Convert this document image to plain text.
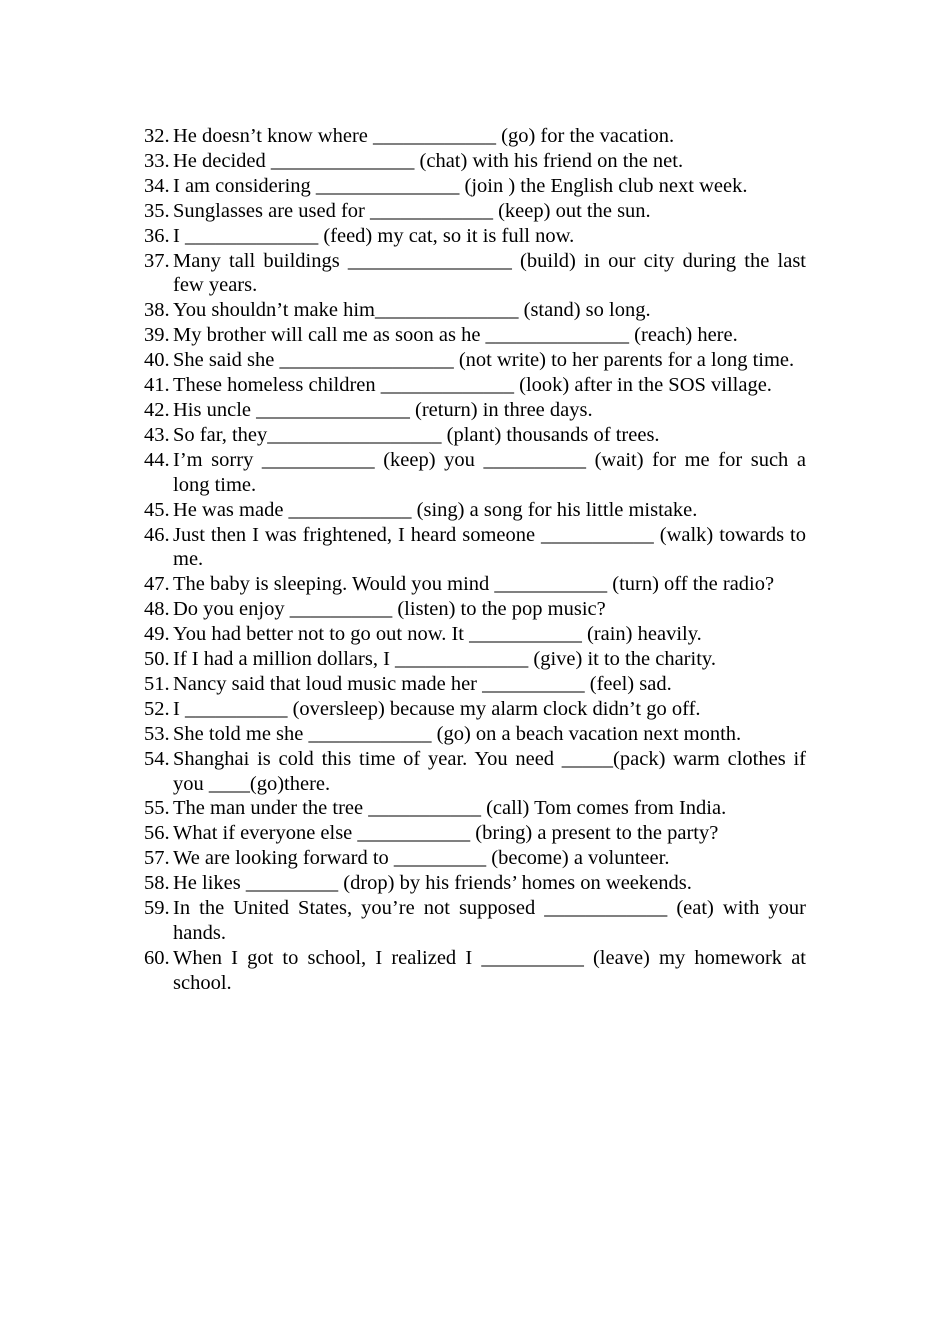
32. He doesn’t know where ____________ (go) for the vacation.
33. He decided ______________ (chat) with his friend on the net.
34. I am considering ______________ (join ) the English club next week.
35. Sunglasses are used for ____________ (keep) out the sun.
36. I _____________ (feed) my cat, so it is full now.
37. Many tall buildings ________________ (build) in our city during the last few years.
38. You shouldn’t make him______________ (stand) so long.
39. My brother will call me as soon as he ______________ (reach) here.
40. She said she _________________ (not write) to her parents for a long time.
41. These homeless children _____________ (look) after in the SOS village.
42. His uncle _______________ (return) in three days.
43. So far, they_________________ (plant) thousands of trees.
44. I’m sorry ___________ (keep) you __________ (wait) for me for such a long time.
45. He was made ____________ (sing) a song for his little mistake.
46. Just then I was frightened, I heard someone ___________ (walk) towards to me.
47. The baby is sleeping. Would you mind ___________ (turn) off the radio?
48. Do you enjoy __________ (listen) to the pop music?
49. You had better not to go out now. It ___________ (rain) heavily.
50. If I had a million dollars, I _____________ (give) it to the charity.
51. Nancy said that loud music made her __________ (feel) sad.
52. I __________ (oversleep) because my alarm clock didn’t go off.
53. She told me she ____________ (go) on a beach vacation next month.
54. Shanghai is cold this time of year. You need _____(pack) warm clothes if you ____(go)there.
55. The man under the tree ___________ (call) Tom comes from India.
56. What if everyone else ___________ (bring) a present to the party?
57. We are looking forward to _________ (become) a volunteer.
58. He likes _________ (drop) by his friends’ homes on weekends.
59. In the United States, you’re not supposed ____________ (eat) with your hands.
60. When I got to school, I realized I __________ (leave) my homework at school.
